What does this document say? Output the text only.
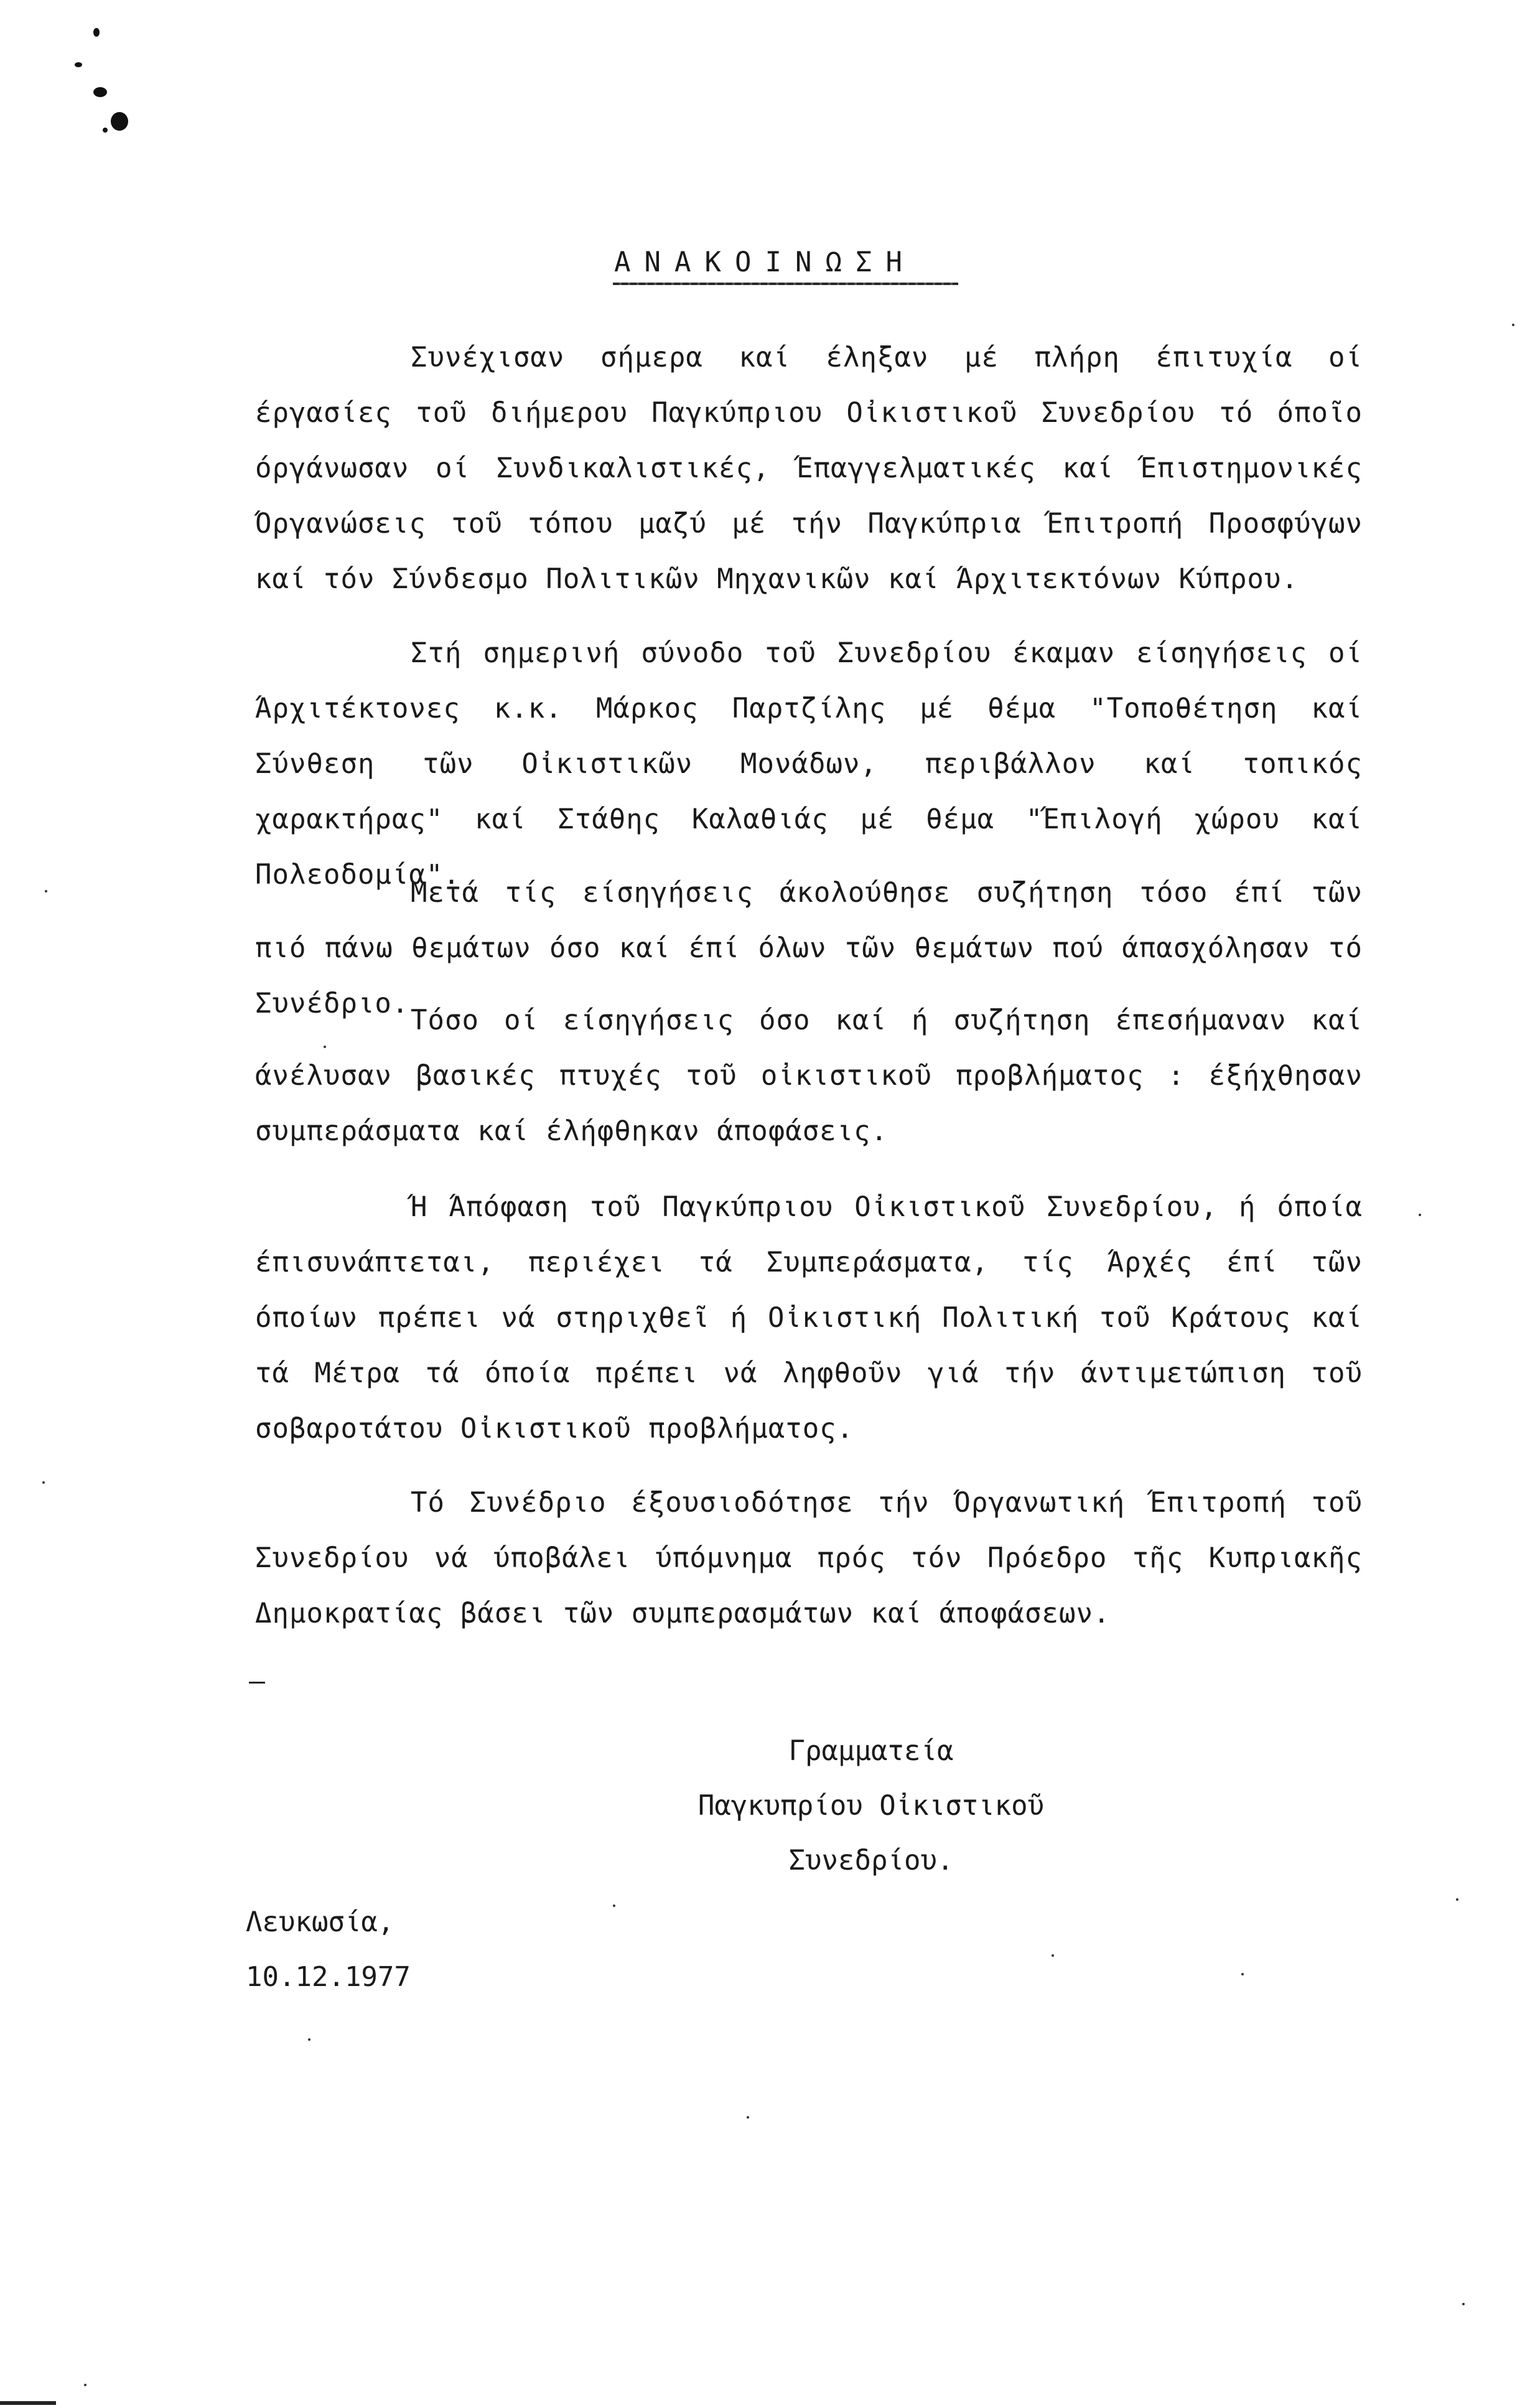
ΑΝΑΚΟΙΝΩΣΗ

Συνέχισαν σήμερα καί έληξαν μέ πλήρη έπιτυχία οί έργασίες τοῦ διήμερου Παγκύπριου Οἰκιστικοῦ Συνεδρίου τό όποῖο όργάνωσαν οί Συνδικαλιστικές, Έπαγγελματικές καί Έπιστημονικές Όργανώσεις τοῦ τόπου μαζύ μέ τήν Παγκύπρια Έπιτροπή Προσφύγων καί τόν Σύνδεσμο Πολιτικῶν Μηχανικῶν καί Άρχιτεκτόνων Κύπρου.

Στή σημερινή σύνοδο τοῦ Συνεδρίου έκαμαν είσηγήσεις οί Άρχιτέκτονες κ.κ. Μάρκος Παρτζίλης μέ θέμα "Τοποθέτηση καί Σύνθεση τῶν Οἰκιστικῶν Μονάδων, περιβάλλον καί τοπικός χαρακτήρας" καί Στάθης Καλαθιάς μέ θέμα "Έπιλογή χώρου καί Πολεοδομία".

Μετά τίς είσηγήσεις άκολούθησε συζήτηση τόσο έπί τῶν πιό πάνω θεμάτων όσο καί έπί όλων τῶν θεμάτων πού άπασχόλησαν τό Συνέδριο.

Τόσο οί είσηγήσεις όσο καί ή συζήτηση έπεσήμαναν καί άνέλυσαν βασικές πτυχές τοῦ οἰκιστικοῦ προβλήματος : έξήχθησαν συμπεράσματα καί έλήφθηκαν άποφάσεις.

Ή Άπόφαση τοῦ Παγκύπριου Οἰκιστικοῦ Συνεδρίου, ή όποία έπισυνάπτεται, περιέχει τά Συμπεράσματα, τίς Άρχές έπί τῶν όποίων πρέπει νά στηριχθεῖ ή Οἰκιστική Πολιτική τοῦ Κράτους καί τά Μέτρα τά όποία πρέπει νά ληφθοῦν γιά τήν άντιμετώπιση τοῦ σοβαροτάτου Οἰκιστικοῦ προβλήματος.

Τό Συνέδριο έξουσιοδότησε τήν Όργανωτική Έπιτροπή τοῦ Συνεδρίου νά ύποβάλει ύπόμνημα πρός τόν Πρόεδρο τῆς Κυπριακῆς Δημοκρατίας βάσει τῶν συμπερασμάτων καί άποφάσεων.

Γραμματεία
Παγκυπρίου Οἰκιστικοῦ
Συνεδρίου.
Λευκωσία,
10.12.1977
